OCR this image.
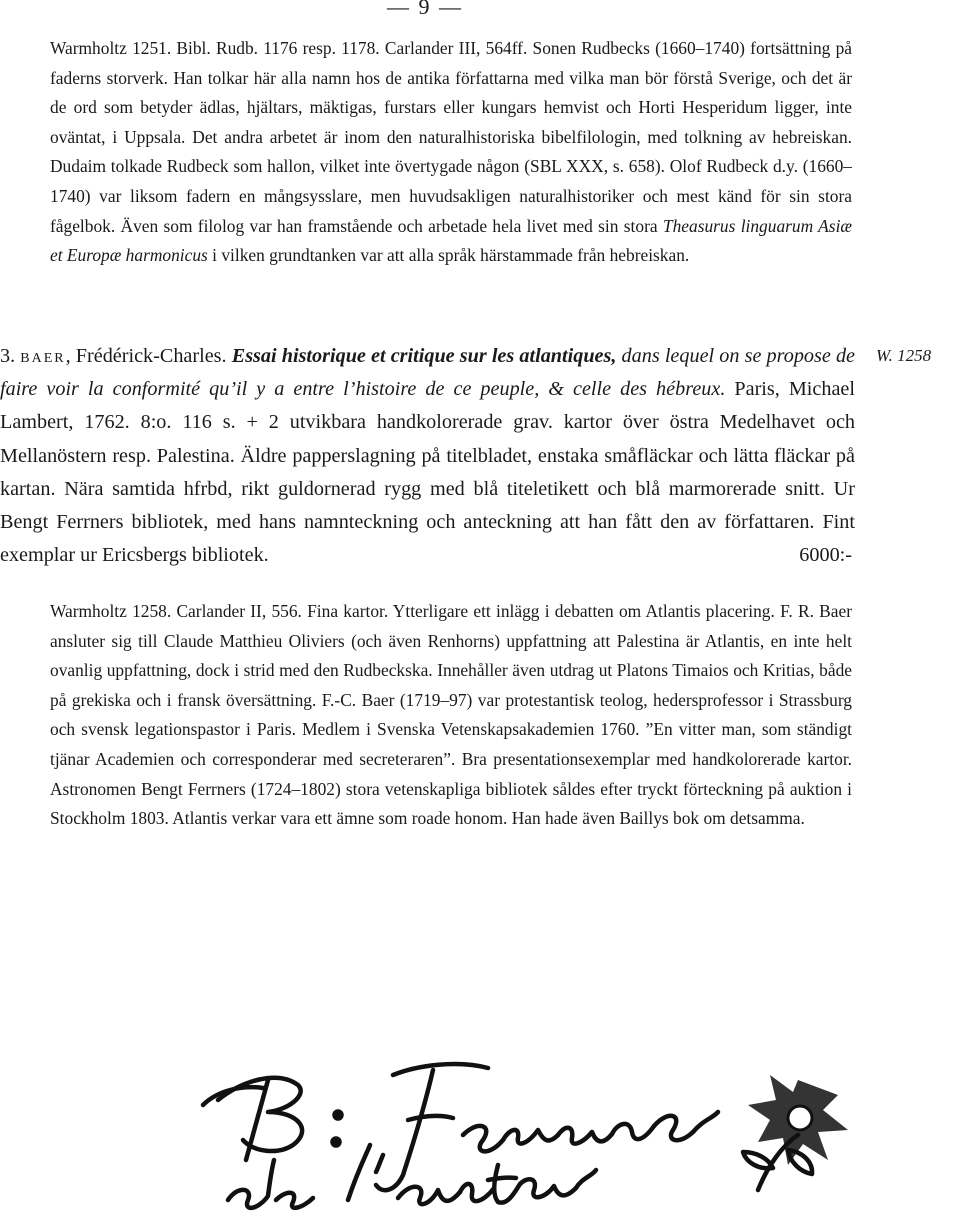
— 9 —
Warmholtz 1251. Bibl. Rudb. 1176 resp. 1178. Carlander III, 564ff. Sonen Rudbecks (1660–1740) fortsättning på faderns storverk. Han tolkar här alla namn hos de antika författarna med vilka man bör förstå Sverige, och det är de ord som betyder ädlas, hjältars, mäktigas, furstars eller kungars hemvist och Horti Hesperidum ligger, inte oväntat, i Uppsala. Det andra arbetet är inom den naturalhistoriska bibelfilologin, med tolkning av hebreiskan. Dudaim tolkade Rudbeck som hallon, vilket inte övertygade någon (SBL XXX, s. 658). Olof Rudbeck d.y. (1660–1740) var liksom fadern en mångsysslare, men huvudsakligen naturalhistoriker och mest känd för sin stora fågelbok. Även som filolog var han framstående och arbetade hela livet med sin stora Theasurus linguarum Asiæ et Europæ harmonicus i vilken grundtanken var att alla språk härstammade från hebreiskan.
3. baer, Frédérick-Charles. Essai historique et critique sur les atlantiques, dans lequel on se propose de faire voir la conformité qu’il y a entre l’histoire de ce peuple, & celle des hébreux. Paris, Michael Lambert, 1762. 8:o. 116 s. + 2 utvikbara handkolorerade grav. kartor över östra Medelhavet och Mellanöstern resp. Palestina. Äldre papperslagning på titelbladet, enstaka småfläckar och lätta fläckar på kartan. Nära samtida hfrbd, rikt guldornerad rygg med blå titeletikett och blå marmorerade snitt. Ur Bengt Ferrners bibliotek, med hans namnteckning och anteckning att han fått den av författaren. Fint exemplar ur Ericsbergs bibliotek.	6000:-
W. 1258
Warmholtz 1258. Carlander II, 556. Fina kartor. Ytterligare ett inlägg i debatten om Atlantis placering. F. R. Baer ansluter sig till Claude Matthieu Oliviers (och även Renhorns) uppfattning att Palestina är Atlantis, en inte helt ovanlig uppfattning, dock i strid med den Rudbeckska. Innehåller även utdrag ut Platons Timaios och Kritias, både på grekiska och i fransk översättning. F.-C. Baer (1719–97) var protestantisk teolog, hedersprofessor i Strassburg och svensk legationspastor i Paris. Medlem i Svenska Vetenskapsakademien 1760. ”En vitter man, som ständigt tjänar Academien och corresponderar med secreteraren”. Bra presentationsexemplar med handkolorerade kartor. Astronomen Bengt Ferrners (1724–1802) stora vetenskapliga bibliotek såldes efter tryckt förteckning på auktion i Stockholm 1803. Atlantis verkar vara ett ämne som roade honom. Han hade även Baillys bok om detsamma.
